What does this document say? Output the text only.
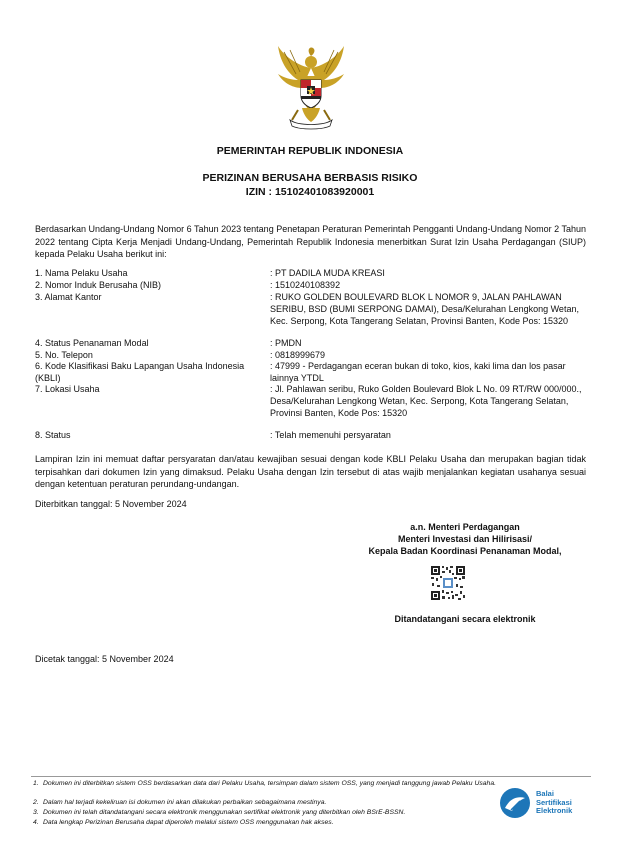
PEMERINTAH REPUBLIK INDONESIA
PERIZINAN BERUSAHA BERBASIS RISIKO
IZIN : 15102401083920001
Berdasarkan Undang-Undang Nomor 6 Tahun 2023 tentang Penetapan Peraturan Pemerintah Pengganti Undang-Undang Nomor 2 Tahun 2022 tentang Cipta Kerja Menjadi Undang-Undang, Pemerintah Republik Indonesia menerbitkan Surat Izin Usaha Perdagangan (SIUP) kepada Pelaku Usaha berikut ini:
1. Nama Pelaku Usaha	: PT DADILA MUDA KREASI
2. Nomor Induk Berusaha (NIB)	: 1510240108392
3. Alamat Kantor	: RUKO GOLDEN BOULEVARD BLOK L NOMOR 9, JALAN PAHLAWAN SERIBU, BSD (BUMI SERPONG DAMAI), Desa/Kelurahan Lengkong Wetan, Kec. Serpong, Kota Tangerang Selatan, Provinsi Banten, Kode Pos: 15320
4. Status Penanaman Modal	: PMDN
5. No. Telepon	: 0818999679
6. Kode Klasifikasi Baku Lapangan Usaha Indonesia (KBLI)
: 47999 - Perdagangan eceran bukan di toko, kios, kaki lima dan los pasar lainnya YTDL
7. Lokasi Usaha	: Jl. Pahlawan seribu, Ruko Golden Boulevard Blok L No. 09 RT/RW 000/000., Desa/Kelurahan Lengkong Wetan, Kec. Serpong, Kota Tangerang Selatan, Provinsi Banten, Kode Pos: 15320
8. Status	: Telah memenuhi persyaratan
Lampiran Izin ini memuat daftar persyaratan dan/atau kewajiban sesuai dengan kode KBLI Pelaku Usaha dan merupakan bagian tidak terpisahkan dari dokumen Izin yang dimaksud. Pelaku Usaha dengan Izin tersebut di atas wajib menjalankan kegiatan usahanya sesuai dengan ketentuan peraturan perundang-undangan.
Diterbitkan tanggal: 5 November 2024
a.n. Menteri Perdagangan
Menteri Investasi dan Hilirisasi/
Kepala Badan Koordinasi Penanaman Modal,
Ditandatangani secara elektronik
Dicetak tanggal: 5 November 2024
1. Dokumen ini diterbitkan sistem OSS berdasarkan data dari Pelaku Usaha, tersimpan dalam sistem OSS, yang menjadi tanggung jawab Pelaku Usaha.
2. Dalam hal terjadi kekeliruan isi dokumen ini akan dilakukan perbaikan sebagaimana mestinya.
3. Dokumen ini telah ditandatangani secara elektronik menggunakan sertifikat elektronik yang diterbitkan oleh BSrE-BSSN.
4. Data lengkap Perizinan Berusaha dapat diperoleh melalui sistem OSS menggunakan hak akses.
Balai
Sertifikasi
Elektronik
